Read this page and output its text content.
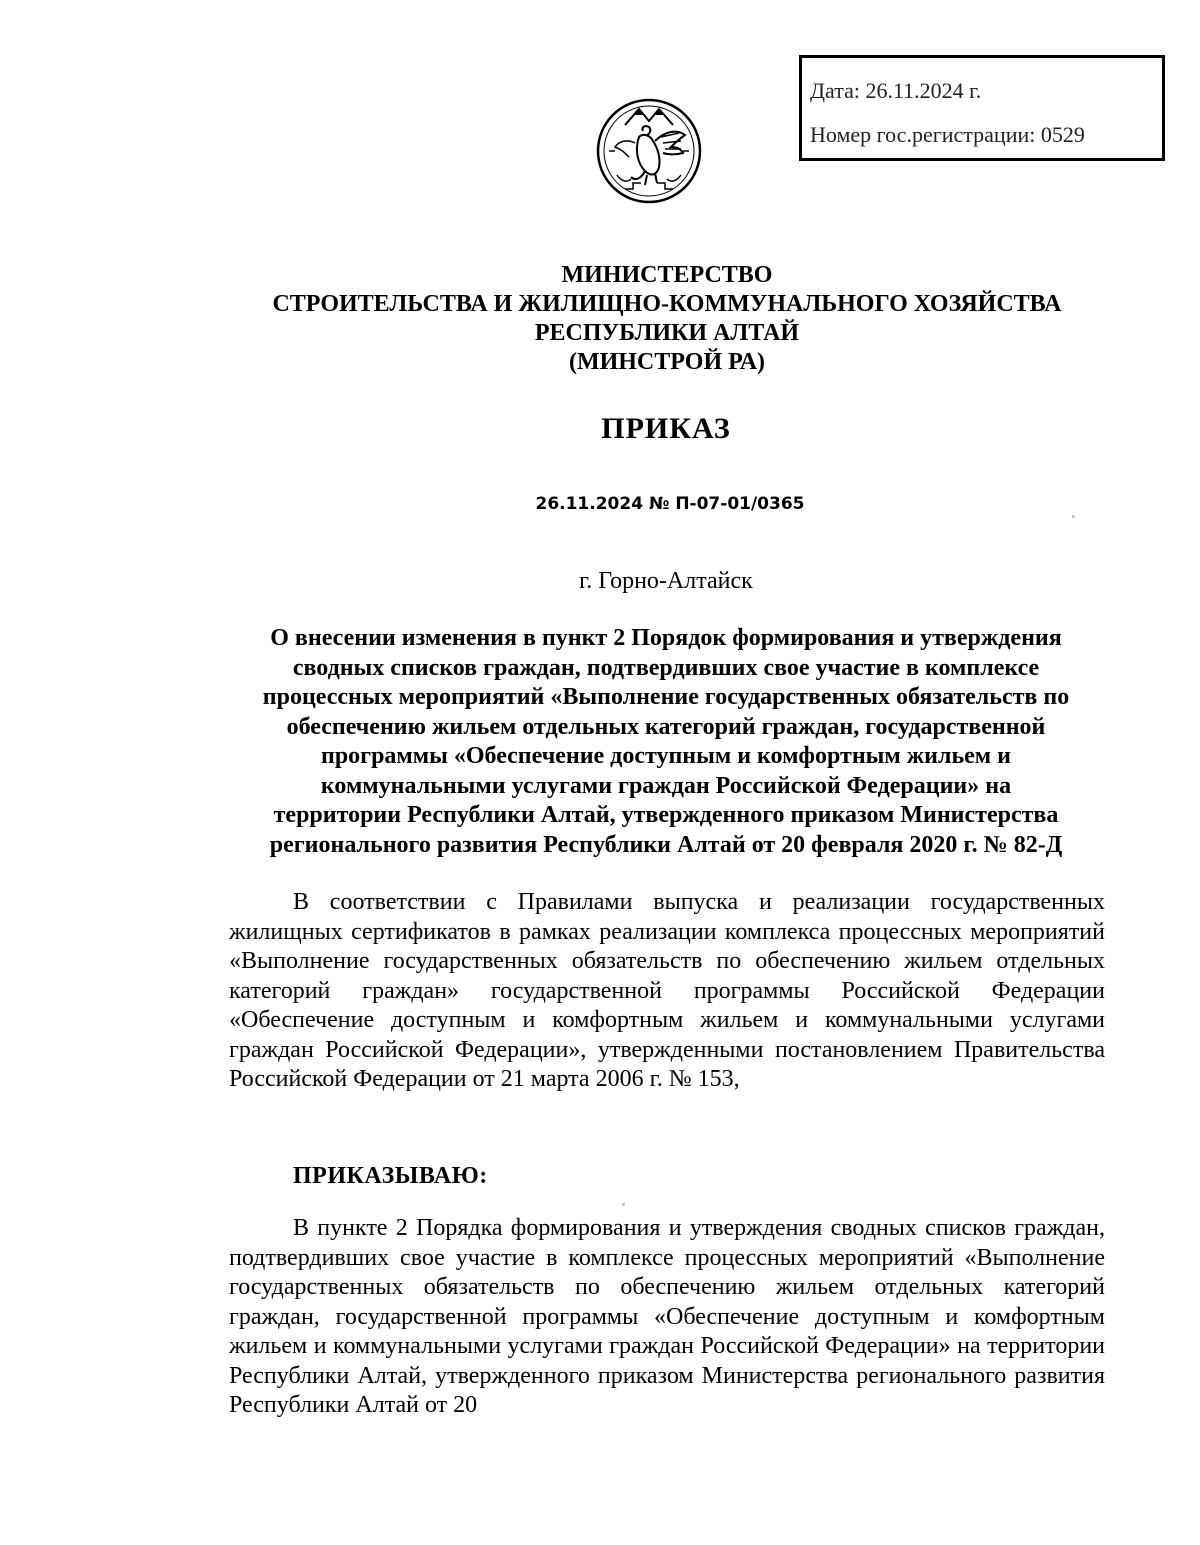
Дата: 26.11.2024 г.
Номер гос.регистрации: 0529
МИНИСТЕРСТВО
СТРОИТЕЛЬСТВА И ЖИЛИЩНО-КОММУНАЛЬНОГО ХОЗЯЙСТВА
РЕСПУБЛИКИ АЛТАЙ
(МИНСТРОЙ РА)
ПРИКАЗ
26.11.2024 № П-07-01/0365
г. Горно-Алтайск
О внесении изменения в пункт 2 Порядок формирования и утверждения
сводных списков граждан, подтвердивших свое участие в комплексе
процессных мероприятий «Выполнение государственных обязательств по
обеспечению жильем отдельных категорий граждан, государственной
программы «Обеспечение доступным и комфортным жильем и
коммунальными услугами граждан Российской Федерации» на
территории Республики Алтай, утвержденного приказом Министерства
регионального развития Республики Алтай от 20 февраля 2020 г. № 82-Д

В соответствии с Правилами выпуска и реализации государственных жилищных сертификатов в рамках реализации комплекса процессных мероприятий «Выполнение государственных обязательств по обеспечению жильем отдельных категорий граждан» государственной программы Российской Федерации «Обеспечение доступным и комфортным жильем и коммунальными услугами граждан Российской Федерации», утвержденными постановлением Правительства Российской Федерации от 21 марта 2006 г. № 153,

ПРИКАЗЫВАЮ:

В пункте 2 Порядка формирования и утверждения сводных списков граждан, подтвердивших свое участие в комплексе процессных мероприятий «Выполнение государственных обязательств по обеспечению жильем отдельных категорий граждан, государственной программы «Обеспечение доступным и комфортным жильем и коммунальными услугами граждан Российской Федерации» на территории Республики Алтай, утвержденного приказом Министерства регионального развития Республики Алтай от 20
